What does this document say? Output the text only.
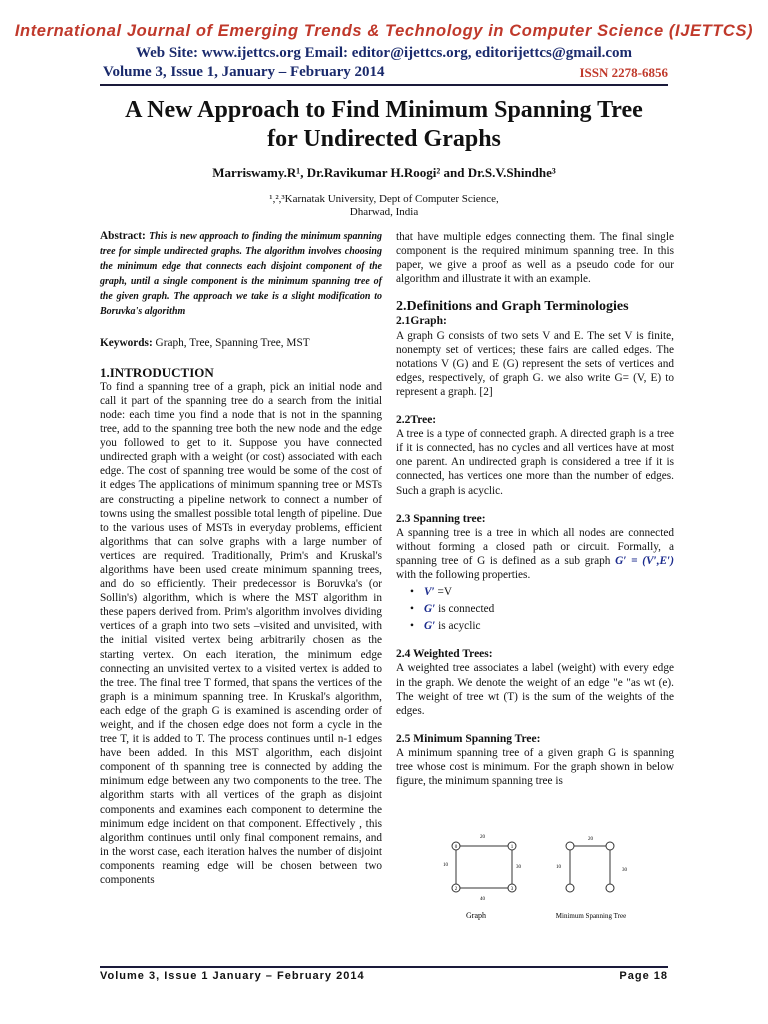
International Journal of Emerging Trends & Technology in Computer Science (IJETTCS)
Web Site: www.ijettcs.org Email: editor@ijettcs.org, editorijettcs@gmail.com
Volume 3, Issue 1, January – February 2014	ISSN 2278-6856
A New Approach to Find Minimum Spanning Tree
for Undirected Graphs
Marriswamy.R¹, Dr.Ravikumar H.Roogi² and Dr.S.V.Shindhe³
¹,²,³Karnatak University, Dept of Computer Science,
Dharwad, India

Abstract: This is new approach to finding the minimum spanning tree for simple undirected graphs. The algorithm involves choosing the minimum edge that connects each disjoint component of the graph, until a single component is the minimum spanning tree of the given graph. The approach we take is a slight modification to Boruvka's algorithm

Keywords: Graph, Tree, Spanning Tree, MST

1.INTRODUCTION

To find a spanning tree of a graph, pick an initial node and call it part of the spanning tree do a search from the initial node: each time you find a node that is not in the spanning tree, add to the spanning tree both the new node and the edge you followed to get to it. Suppose you have connected undirected graph with a weight (or cost) associated with each edge. The cost of spanning tree would be some of the cost of it edges The applications of minimum spanning tree or MSTs are constructing a pipeline network to connect a number of towns using the smallest possible total length of pipeline. Due to the various uses of MSTs in everyday problems, efficient algorithms that can solve graphs with a large number of vertices are required. Traditionally, Prim's and Kruskal's algorithms have been used create minimum spanning trees, and do so efficiently. Their predecessor is Boruvka's (or Sollin's) algorithm, which is where the MST algorithm in these papers derived from. Prim's algorithm involves dividing vertices of a graph into two sets –visited and unvisited, with the initial visited vertex being arbitrarily chosen as the starting vertex. On each iteration, the minimum edge connecting an unvisited vertex to a visited vertex is added to the tree. The final tree T formed, that spans the vertices of the graph is a minimum spanning tree. In Kruskal's algorithm, each edge of the graph G is examined is ascending order of weight, and if the chosen edge does not form a cycle in the tree T, it is added to T. The process continues until n-1 edges have been added. In this MST algorithm, each disjoint component of th spanning tree is connected by adding the minimum edge between any two components to the tree. The algorithm starts with all vertices of the graph as disjoint components and examines each component to determine the minimum edge incident on that component. Effectively , this algorithm continues until only final component remains, and in the worst case, each iteration halves the number of disjoint components reaming edge will be chosen between two components

that have multiple edges connecting them. The final single component is the required minimum spanning tree. In this paper, we give a proof as well as a pseudo code for our algorithm and illustrate it with an example.

2.Definitions and Graph Terminologies

2.1Graph:

A graph G consists of two sets V and E. The set V is finite, nonempty set of vertices; these fairs are called edges. The notations V (G) and E (G) represent the sets of vertices and edges, respectively, of graph G. we also write G= (V, E) to represent a graph. [2]

2.2Tree:

A tree is a type of connected graph. A directed graph is a tree if it is connected, has no cycles and all vertices have at most one parent. An undirected graph is considered a tree if it is connected, has vertices one more than the number of edges. Such a graph is acyclic.

2.3 Spanning tree:

A spanning tree is a tree in which all nodes are connected without forming a closed path or circuit. Formally, a spanning tree of G is defined as a sub graph G′ = (V′,E′) with the following properties.

• V′ =V
• G′ is connected
• G′ is acyclic

2.4 Weighted Trees:

A weighted tree associates a label (weight) with every edge in the graph. We denote the weight of an edge "e "as wt (e). The weight of tree wt (T) is the sum of the weights of the edges.

2.5 Minimum Spanning Tree:

A minimum spanning tree of a given graph G is spanning tree whose cost is minimum. For the graph shown in below figure, the minimum spanning tree is

0	1
2	3
20
10	30
40
Graph
20
10
30
Minimum Spanning Tree
Volume 3, Issue 1 January – February 2014	Page 18
